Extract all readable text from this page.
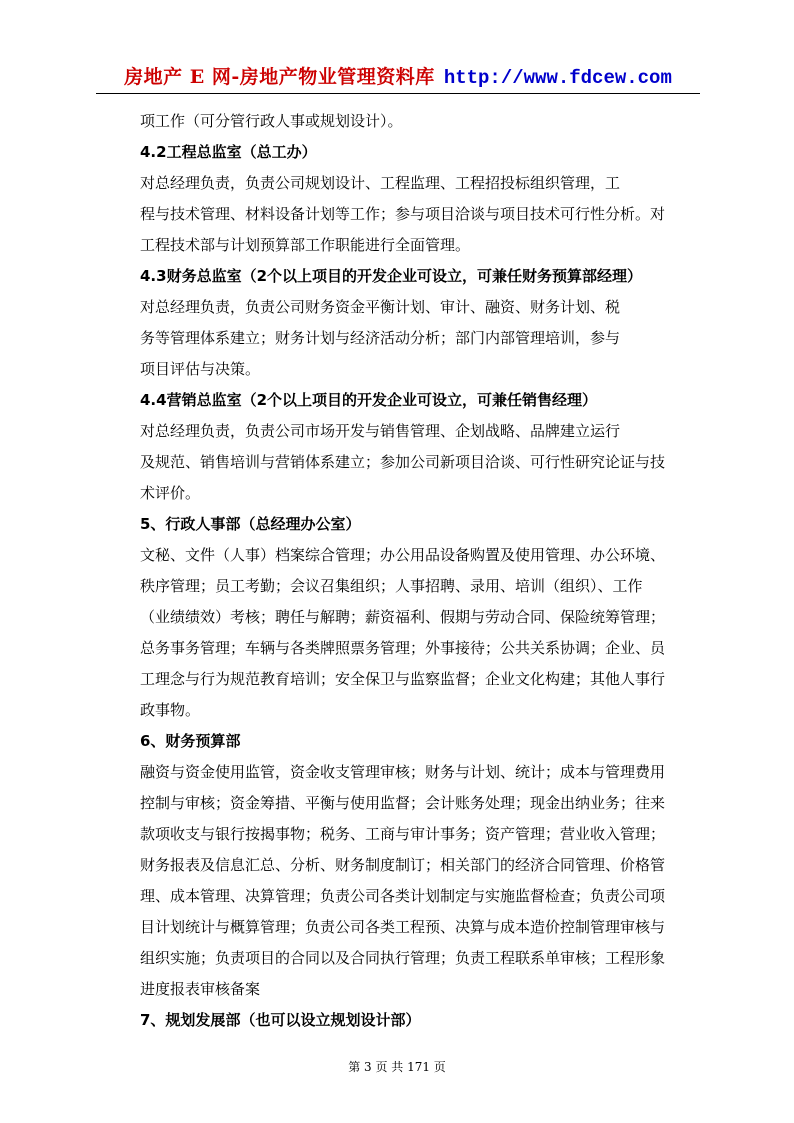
房地产 E 网-房地产物业管理资料库 http://www.fdcew.com
项工作（可分管行政人事或规划设计）。
4.2工程总监室（总工办）
对总经理负责，负责公司规划设计、工程监理、工程招投标组织管理，工
程与技术管理、材料设备计划等工作；参与项目洽谈与项目技术可行性分析。对
工程技术部与计划预算部工作职能进行全面管理。
4.3财务总监室（2个以上项目的开发企业可设立，可兼任财务预算部经理）
对总经理负责，负责公司财务资金平衡计划、审计、融资、财务计划、税
务等管理体系建立；财务计划与经济活动分析；部门内部管理培训，参与
项目评估与决策。
4.4营销总监室（2个以上项目的开发企业可设立，可兼任销售经理）
对总经理负责，负责公司市场开发与销售管理、企划战略、品牌建立运行
及规范、销售培训与营销体系建立；参加公司新项目洽谈、可行性研究论证与技
术评价。
5、行政人事部（总经理办公室）
文秘、文件（人事）档案综合管理；办公用品设备购置及使用管理、办公环境、
秩序管理；员工考勤；会议召集组织；人事招聘、录用、培训（组织）、工作
（业绩绩效）考核；聘任与解聘；薪资福利、假期与劳动合同、保险统筹管理；
总务事务管理；车辆与各类牌照票务管理；外事接待；公共关系协调；企业、员
工理念与行为规范教育培训；安全保卫与监察监督；企业文化构建；其他人事行
政事物。
6、财务预算部
融资与资金使用监管，资金收支管理审核；财务与计划、统计；成本与管理费用
控制与审核；资金筹措、平衡与使用监督；会计账务处理；现金出纳业务；往来
款项收支与银行按揭事物；税务、工商与审计事务；资产管理；营业收入管理；
财务报表及信息汇总、分析、财务制度制订；相关部门的经济合同管理、价格管
理、成本管理、决算管理；负责公司各类计划制定与实施监督检查；负责公司项
目计划统计与概算管理；负责公司各类工程预、决算与成本造价控制管理审核与
组织实施；负责项目的合同以及合同执行管理；负责工程联系单审核；工程形象
进度报表审核备案
7、规划发展部（也可以设立规划设计部）
第 3 页 共 171 页
